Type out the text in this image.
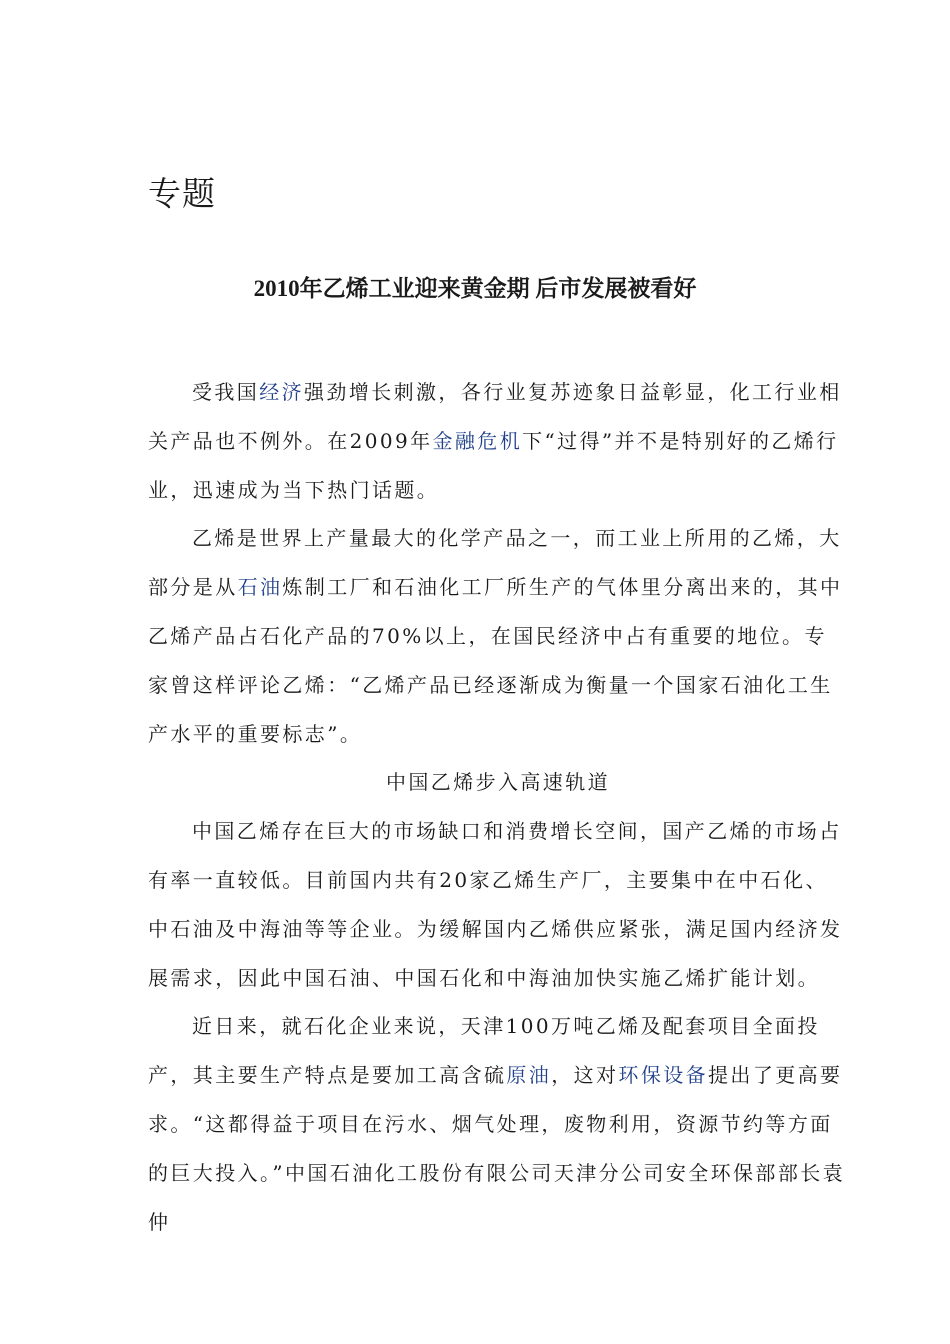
专题
2010年乙烯工业迎来黄金期 后市发展被看好

受我国经济强劲增长刺激，各行业复苏迹象日益彰显，化工行业相关产品也不例外。在2009年金融危机下“过得”并不是特别好的乙烯行业，迅速成为当下热门话题。

乙烯是世界上产量最大的化学产品之一，而工业上所用的乙烯，大部分是从石油炼制工厂和石油化工厂所生产的气体里分离出来的，其中乙烯产品占石化产品的70%以上，在国民经济中占有重要的地位。专家曾这样评论乙烯：“乙烯产品已经逐渐成为衡量一个国家石油化工生产水平的重要标志”。

中国乙烯步入高速轨道

中国乙烯存在巨大的市场缺口和消费增长空间，国产乙烯的市场占有率一直较低。目前国内共有20家乙烯生产厂，主要集中在中石化、中石油及中海油等等企业。为缓解国内乙烯供应紧张，满足国内经济发展需求，因此中国石油、中国石化和中海油加快实施乙烯扩能计划。

近日来，就石化企业来说，天津100万吨乙烯及配套项目全面投产，其主要生产特点是要加工高含硫原油，这对环保设备提出了更高要求。“这都得益于项目在污水、烟气处理，废物利用，资源节约等方面的巨大投入。”中国石油化工股份有限公司天津分公司安全环保部部长袁仲
